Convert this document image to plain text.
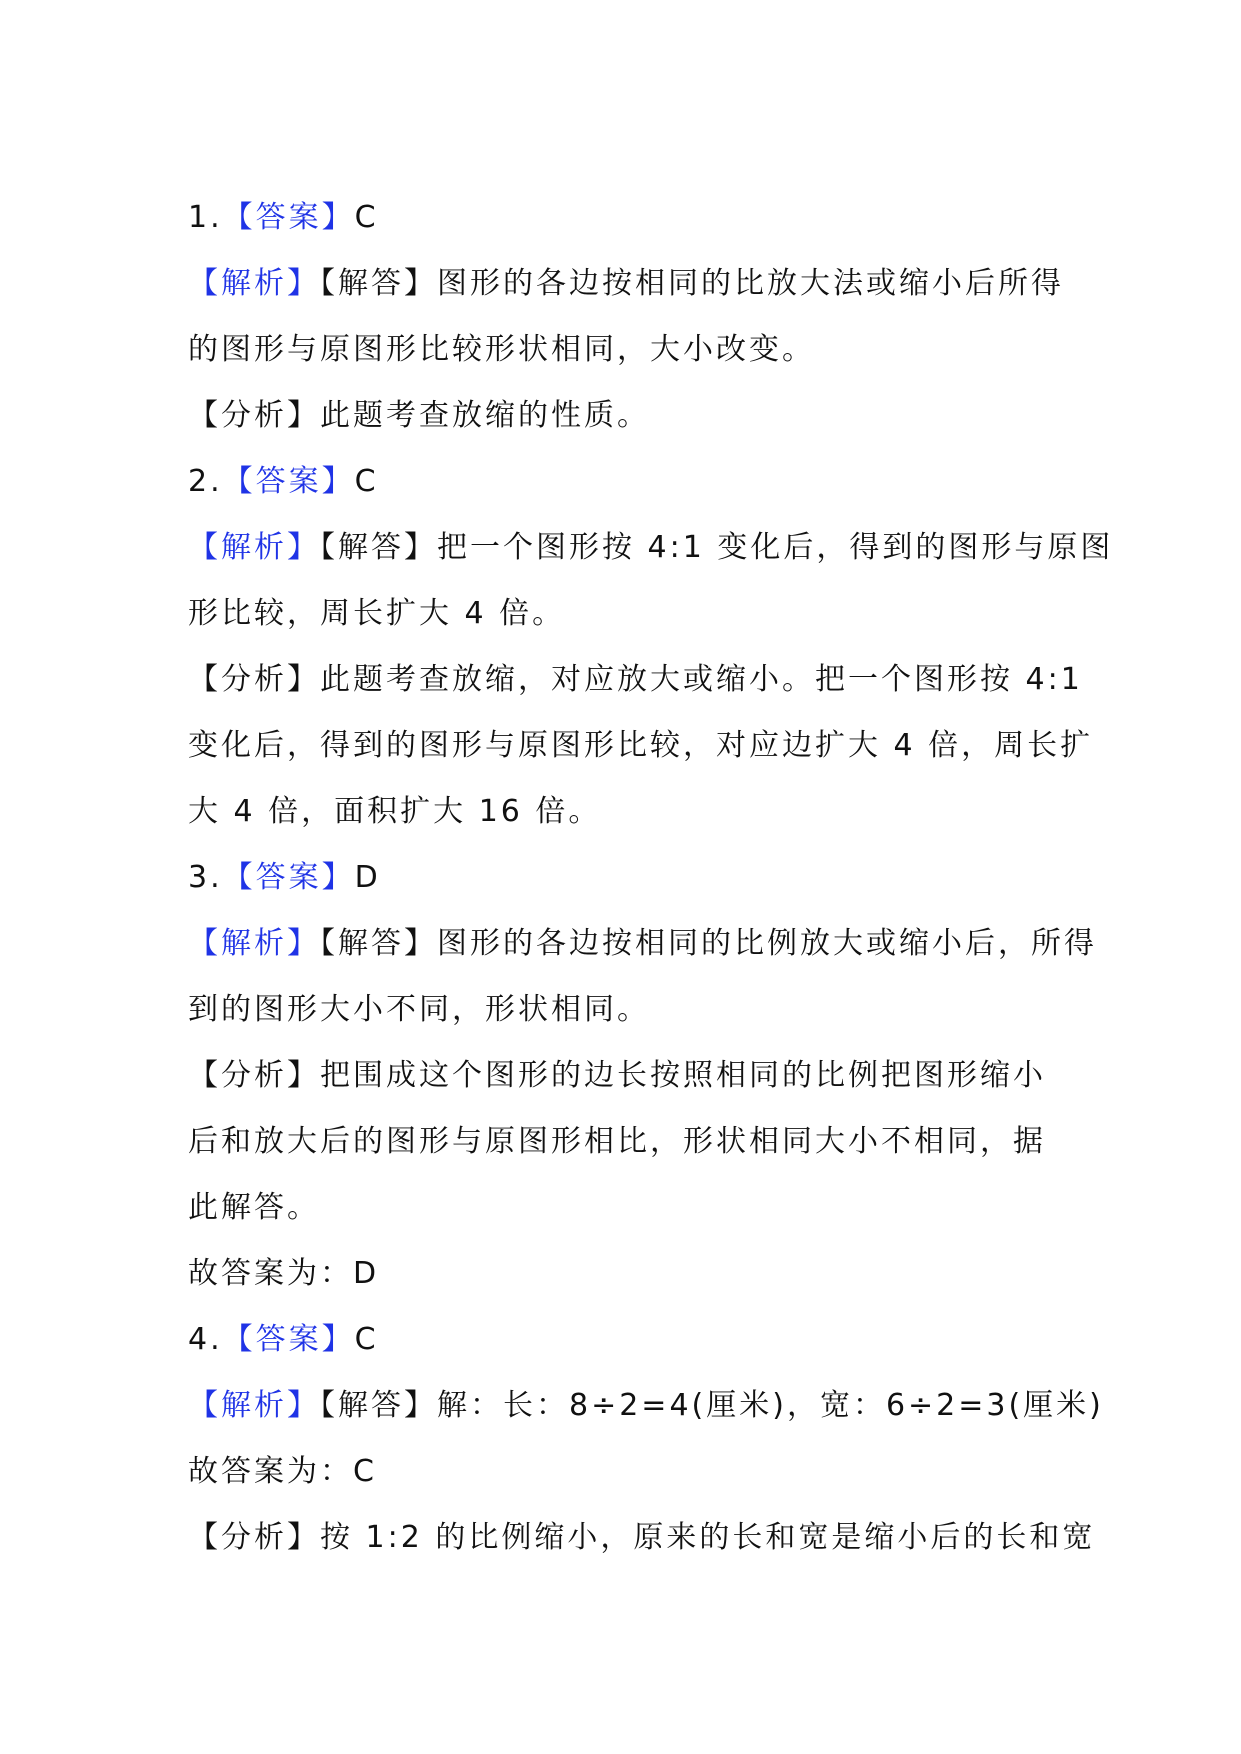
1.【答案】C
【解析】【解答】图形的各边按相同的比放大法或缩小后所得
的图形与原图形比较形状相同，大小改变。
【分析】此题考查放缩的性质。
2.【答案】C
【解析】【解答】把一个图形按 4:1 变化后，得到的图形与原图
形比较，周长扩大 4 倍。
【分析】此题考查放缩，对应放大或缩小。把一个图形按 4:1
变化后，得到的图形与原图形比较，对应边扩大 4 倍，周长扩
大 4 倍，面积扩大 16 倍。
3.【答案】D
【解析】【解答】图形的各边按相同的比例放大或缩小后，所得
到的图形大小不同，形状相同。
【分析】把围成这个图形的边长按照相同的比例把图形缩小
后和放大后的图形与原图形相比，形状相同大小不相同，据
此解答。
故答案为：D
4.【答案】C
【解析】【解答】解：长：8÷2=4(厘米)，宽：6÷2=3(厘米)
故答案为：C
【分析】按 1:2 的比例缩小，原来的长和宽是缩小后的长和宽
